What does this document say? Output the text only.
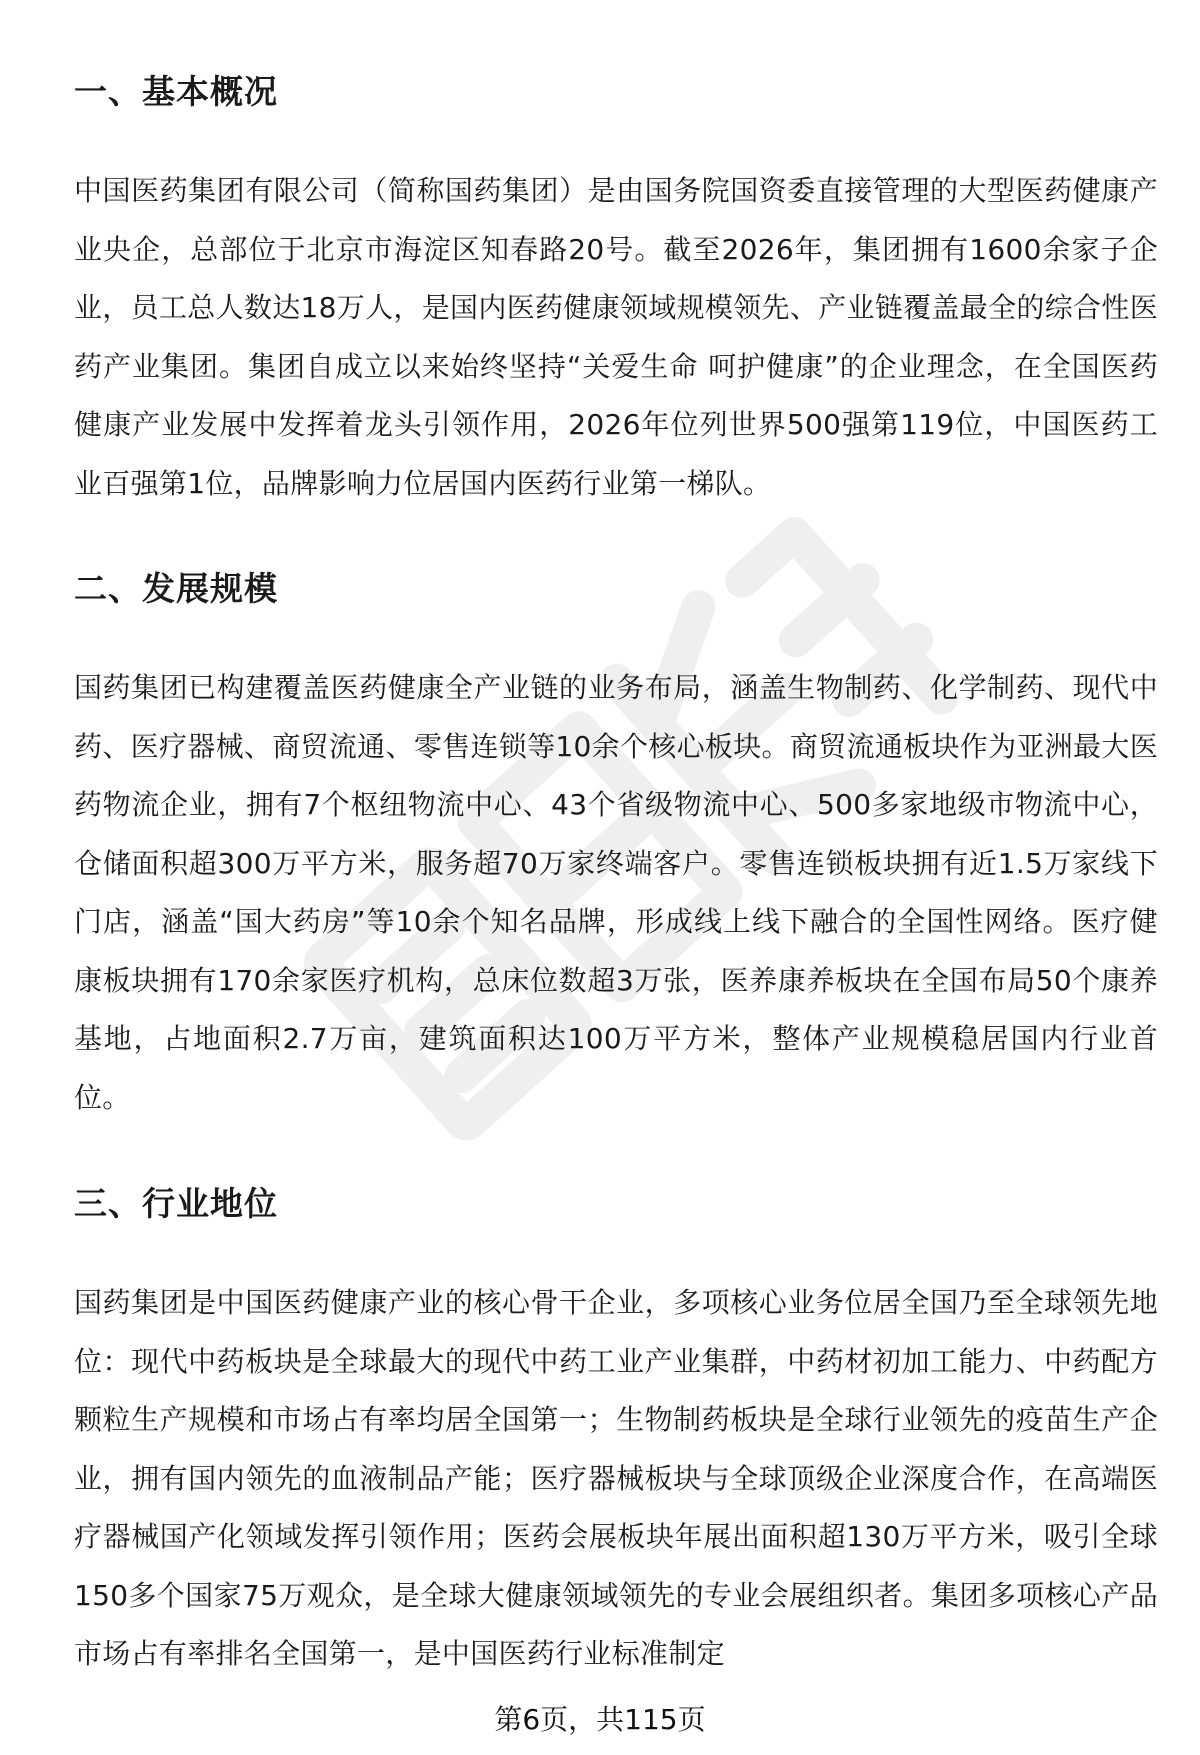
一、基本概况

中国医药集团有限公司（简称国药集团）是由国务院国资委直接管理的大型医药健康产业央企，总部位于北京市海淀区知春路20号。截至2026年，集团拥有1600余家子企业，员工总人数达18万人，是国内医药健康领域规模领先、产业链覆盖最全的综合性医药产业集团。集团自成立以来始终坚持“关爱生命 呵护健康”的企业理念，在全国医药健康产业发展中发挥着龙头引领作用，2026年位列世界500强第119位，中国医药工业百强第1位，品牌影响力位居国内医药行业第一梯队。

二、发展规模

国药集团已构建覆盖医药健康全产业链的业务布局，涵盖生物制药、化学制药、现代中药、医疗器械、商贸流通、零售连锁等10余个核心板块。商贸流通板块作为亚洲最大医药物流企业，拥有7个枢纽物流中心、43个省级物流中心、500多家地级市物流中心，仓储面积超300万平方米，服务超70万家终端客户。零售连锁板块拥有近1.5万家线下门店，涵盖“国大药房”等10余个知名品牌，形成线上线下融合的全国性网络。医疗健康板块拥有170余家医疗机构，总床位数超3万张，医养康养板块在全国布局50个康养基地，占地面积2.7万亩，建筑面积达100万平方米，整体产业规模稳居国内行业首位。

三、行业地位

国药集团是中国医药健康产业的核心骨干企业，多项核心业务位居全国乃至全球领先地位：现代中药板块是全球最大的现代中药工业产业集群，中药材初加工能力、中药配方颗粒生产规模和市场占有率均居全国第一；生物制药板块是全球行业领先的疫苗生产企业，拥有国内领先的血液制品产能；医疗器械板块与全球顶级企业深度合作，在高端医疗器械国产化领域发挥引领作用；医药会展板块年展出面积超130万平方米，吸引全球150多个国家75万观众，是全球大健康领域领先的专业会展组织者。集团多项核心产品市场占有率排名全国第一，是中国医药行业标准制定

第6页，共115页
